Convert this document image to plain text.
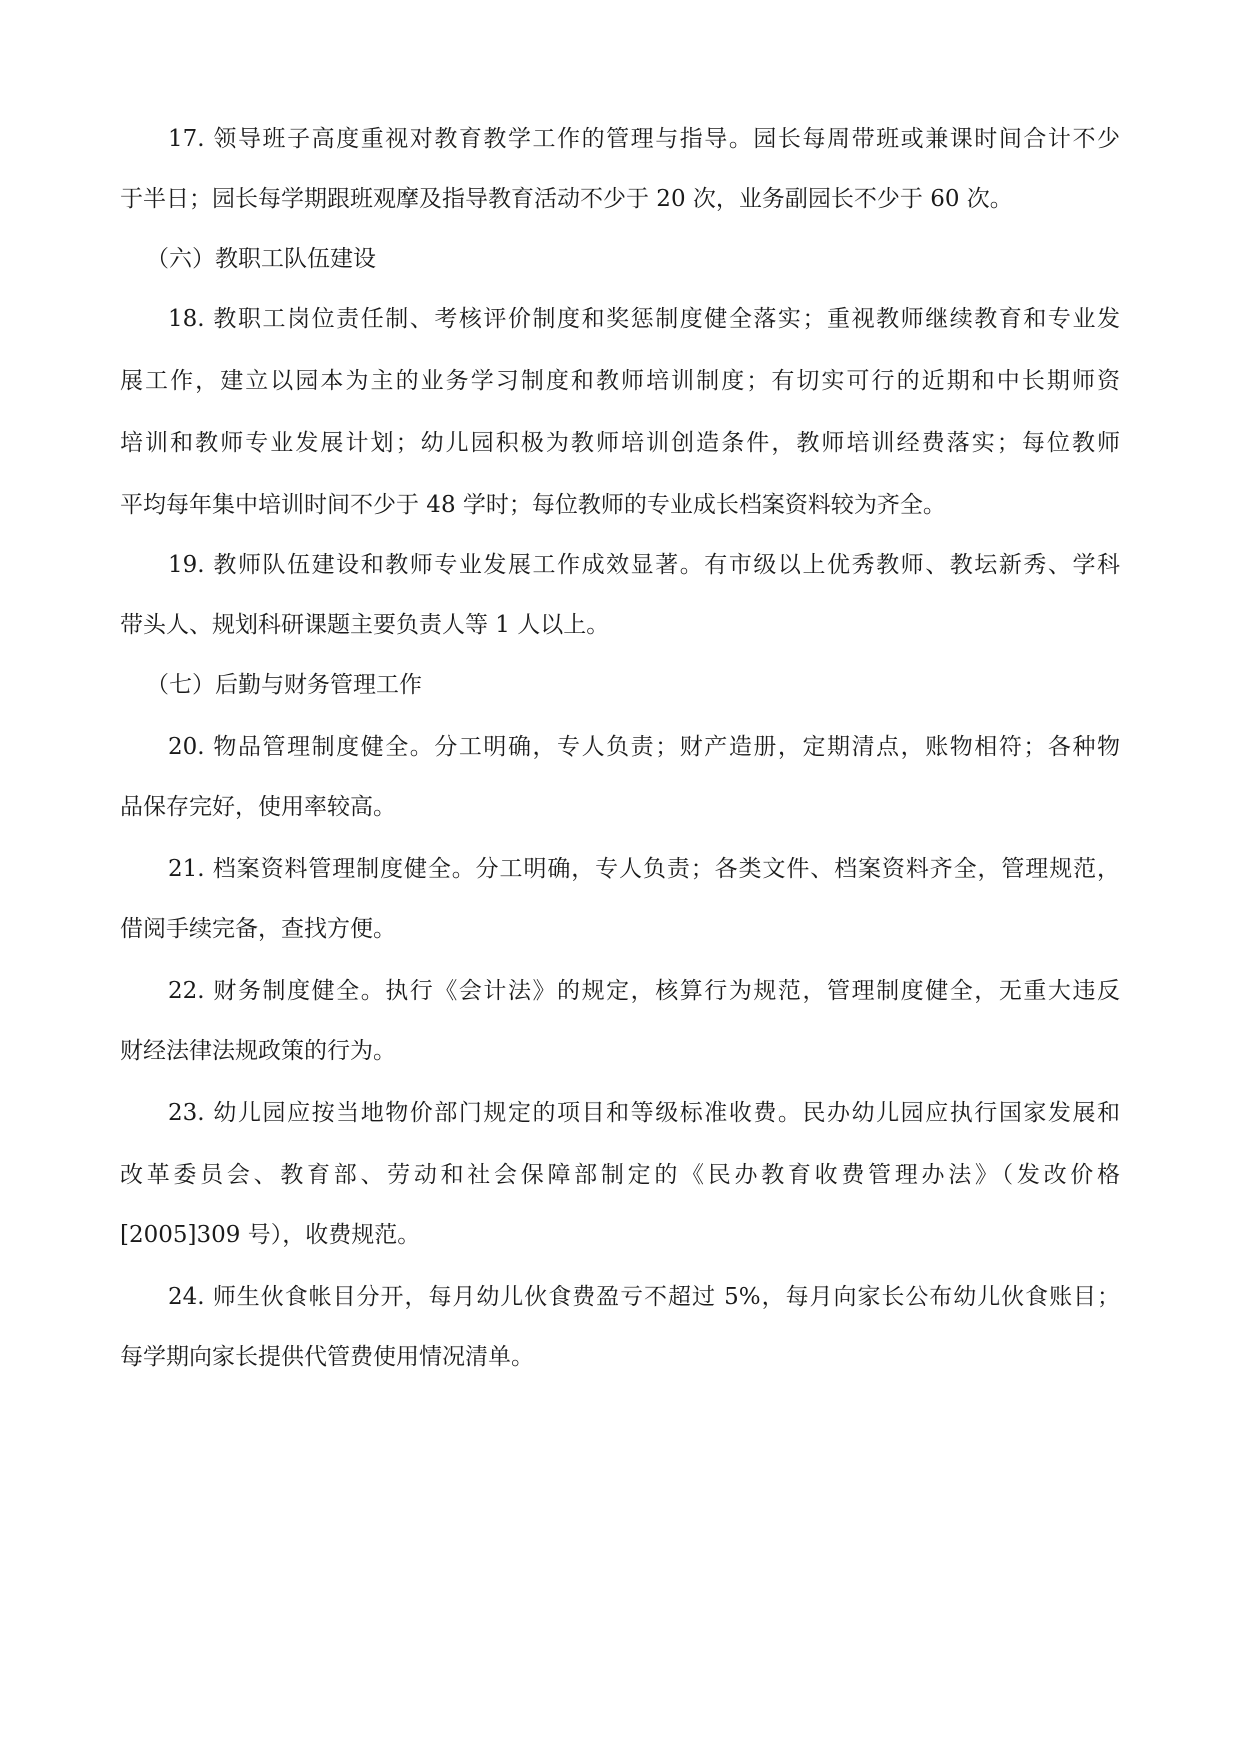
17. 领导班子高度重视对教育教学工作的管理与指导。园长每周带班或兼课时间合计不少
于半日；园长每学期跟班观摩及指导教育活动不少于 20 次，业务副园长不少于 60 次。
（六）教职工队伍建设
18. 教职工岗位责任制、考核评价制度和奖惩制度健全落实；重视教师继续教育和专业发
展工作，建立以园本为主的业务学习制度和教师培训制度；有切实可行的近期和中长期师资
培训和教师专业发展计划；幼儿园积极为教师培训创造条件，教师培训经费落实；每位教师
平均每年集中培训时间不少于 48 学时；每位教师的专业成长档案资料较为齐全。
19. 教师队伍建设和教师专业发展工作成效显著。有市级以上优秀教师、教坛新秀、学科
带头人、规划科研课题主要负责人等 1 人以上。
（七）后勤与财务管理工作
20. 物品管理制度健全。分工明确，专人负责；财产造册，定期清点，账物相符；各种物
品保存完好，使用率较高。
21. 档案资料管理制度健全。分工明确，专人负责；各类文件、档案资料齐全，管理规范，
借阅手续完备，查找方便。
22. 财务制度健全。执行《会计法》的规定，核算行为规范，管理制度健全，无重大违反
财经法律法规政策的行为。
23. 幼儿园应按当地物价部门规定的项目和等级标准收费。民办幼儿园应执行国家发展和
改革委员会、教育部、劳动和社会保障部制定的《民办教育收费管理办法》（发改价格
[2005]309 号），收费规范。
24. 师生伙食帐目分开，每月幼儿伙食费盈亏不超过 5%，每月向家长公布幼儿伙食账目；
每学期向家长提供代管费使用情况清单。
